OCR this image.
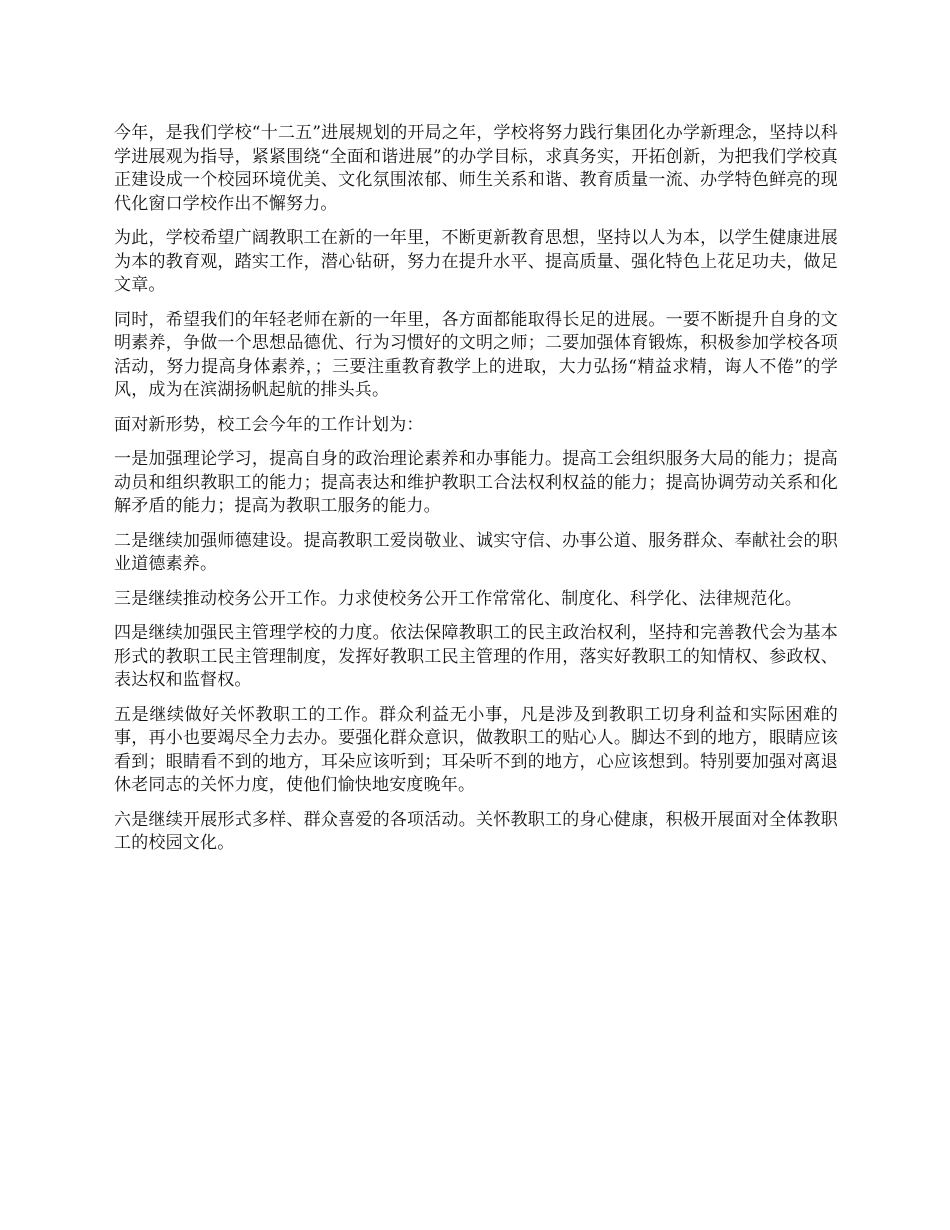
今年，是我们学校“十二五”进展规划的开局之年，学校将努力践行集团化办学新理念，坚持以科学进展观为指导，紧紧围绕“全面和谐进展”的办学目标，求真务实，开拓创新，为把我们学校真正建设成一个校园环境优美、文化氛围浓郁、师生关系和谐、教育质量一流、办学特色鲜亮的现代化窗口学校作出不懈努力。

为此，学校希望广阔教职工在新的一年里，不断更新教育思想，坚持以人为本，以学生健康进展为本的教育观，踏实工作，潜心钻研，努力在提升水平、提高质量、强化特色上花足功夫，做足文章。

同时，希望我们的年轻老师在新的一年里，各方面都能取得长足的进展。一要不断提升自身的文明素养，争做一个思想品德优、行为习惯好的文明之师；二要加强体育锻炼，积极参加学校各项活动，努力提高身体素养，；三要注重教育教学上的进取，大力弘扬“精益求精，诲人不倦”的学风，成为在滨湖扬帆起航的排头兵。

面对新形势，校工会今年的工作计划为：

一是加强理论学习，提高自身的政治理论素养和办事能力。提高工会组织服务大局的能力；提高动员和组织教职工的能力；提高表达和维护教职工合法权利权益的能力；提高协调劳动关系和化解矛盾的能力；提高为教职工服务的能力。

二是继续加强师德建设。提高教职工爱岗敬业、诚实守信、办事公道、服务群众、奉献社会的职业道德素养。

三是继续推动校务公开工作。力求使校务公开工作常常化、制度化、科学化、法律规范化。

四是继续加强民主管理学校的力度。依法保障教职工的民主政治权利，坚持和完善教代会为基本形式的教职工民主管理制度，发挥好教职工民主管理的作用，落实好教职工的知情权、参政权、表达权和监督权。

五是继续做好关怀教职工的工作。群众利益无小事，凡是涉及到教职工切身利益和实际困难的事，再小也要竭尽全力去办。要强化群众意识，做教职工的贴心人。脚达不到的地方，眼睛应该看到；眼睛看不到的地方，耳朵应该听到；耳朵听不到的地方，心应该想到。特别要加强对离退休老同志的关怀力度，使他们愉快地安度晚年。

六是继续开展形式多样、群众喜爱的各项活动。关怀教职工的身心健康，积极开展面对全体教职工的校园文化。
